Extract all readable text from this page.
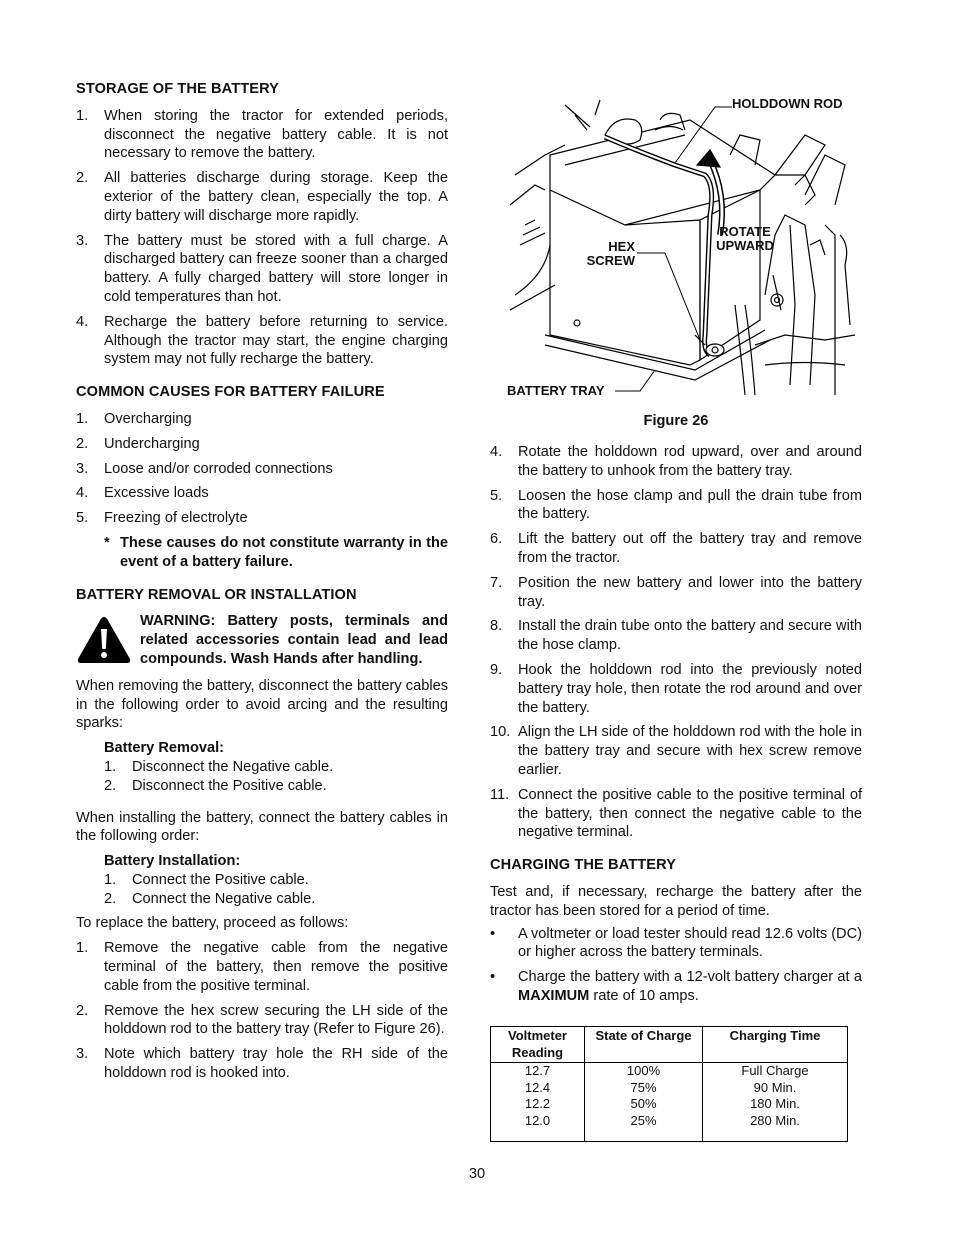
STORAGE OF THE BATTERY
1.	When storing the tractor for extended periods, disconnect the negative battery cable. It is not necessary to remove the battery.
2.	All batteries discharge during storage. Keep the exterior of the battery clean, especially the top. A dirty battery will discharge more rapidly.
3.	The battery must be stored with a full charge. A discharged battery can freeze sooner than a charged battery. A fully charged battery will store longer in cold temperatures than hot.
4.	Recharge the battery before returning to service. Although the tractor may start, the engine charging system may not fully recharge the battery.
COMMON CAUSES FOR BATTERY FAILURE
1.	Overcharging
2.	Undercharging
3.	Loose and/or corroded connections
4.	Excessive loads
5.	Freezing of electrolyte
* These causes do not constitute warranty in the event of a battery failure.
BATTERY REMOVAL OR INSTALLATION
WARNING: Battery posts, terminals and related accessories contain lead and lead compounds. Wash Hands after handling.

When removing the battery, disconnect the battery cables in the following order to avoid arcing and the resulting sparks:

Battery Removal:
1.	Disconnect the Negative cable.
2.	Disconnect the Positive cable.

When installing the battery, connect the battery cables in the following order:

Battery Installation:
1.	Connect the Positive cable.
2.	Connect the Negative cable.

To replace the battery, proceed as follows:

1.	Remove the negative cable from the negative terminal of the battery, then remove the positive cable from the positive terminal.
2.	Remove the hex screw securing the LH side of the holddown rod to the battery tray (Refer to Figure 26).
3.	Note which battery tray hole the RH side of the holddown rod is hooked into.
HOLDDOWN ROD
ROTATE UPWARD
HEX SCREW
BATTERY TRAY
Figure 26
4.	Rotate the holddown rod upward, over and around the battery to unhook from the battery tray.
5.	Loosen the hose clamp and pull the drain tube from the battery.
6.	Lift the battery out off the battery tray and remove from the tractor.
7.	Position the new battery and lower into the battery tray.
8.	Install the drain tube onto the battery and secure with the hose clamp.
9.	Hook the holddown rod into the previously noted battery tray hole, then rotate the rod around and over the battery.
10. Align the LH side of the holddown rod with the hole in the battery tray and secure with hex screw remove earlier.
11. Connect the positive cable to the positive terminal of the battery, then connect the negative cable to the negative terminal.
CHARGING THE BATTERY

Test and, if necessary, recharge the battery after the tractor has been stored for a period of time.

•	A voltmeter or load tester should read 12.6 volts (DC) or higher across the battery terminals.
•	Charge the battery with a 12-volt battery charger at a MAXIMUM rate of 10 amps.
Voltmeter Reading	State of Charge	Charging Time
12.7	100%	Full Charge
12.4	75%	90 Min.
12.2	50%	180 Min.
12.0	25%	280 Min.
30
